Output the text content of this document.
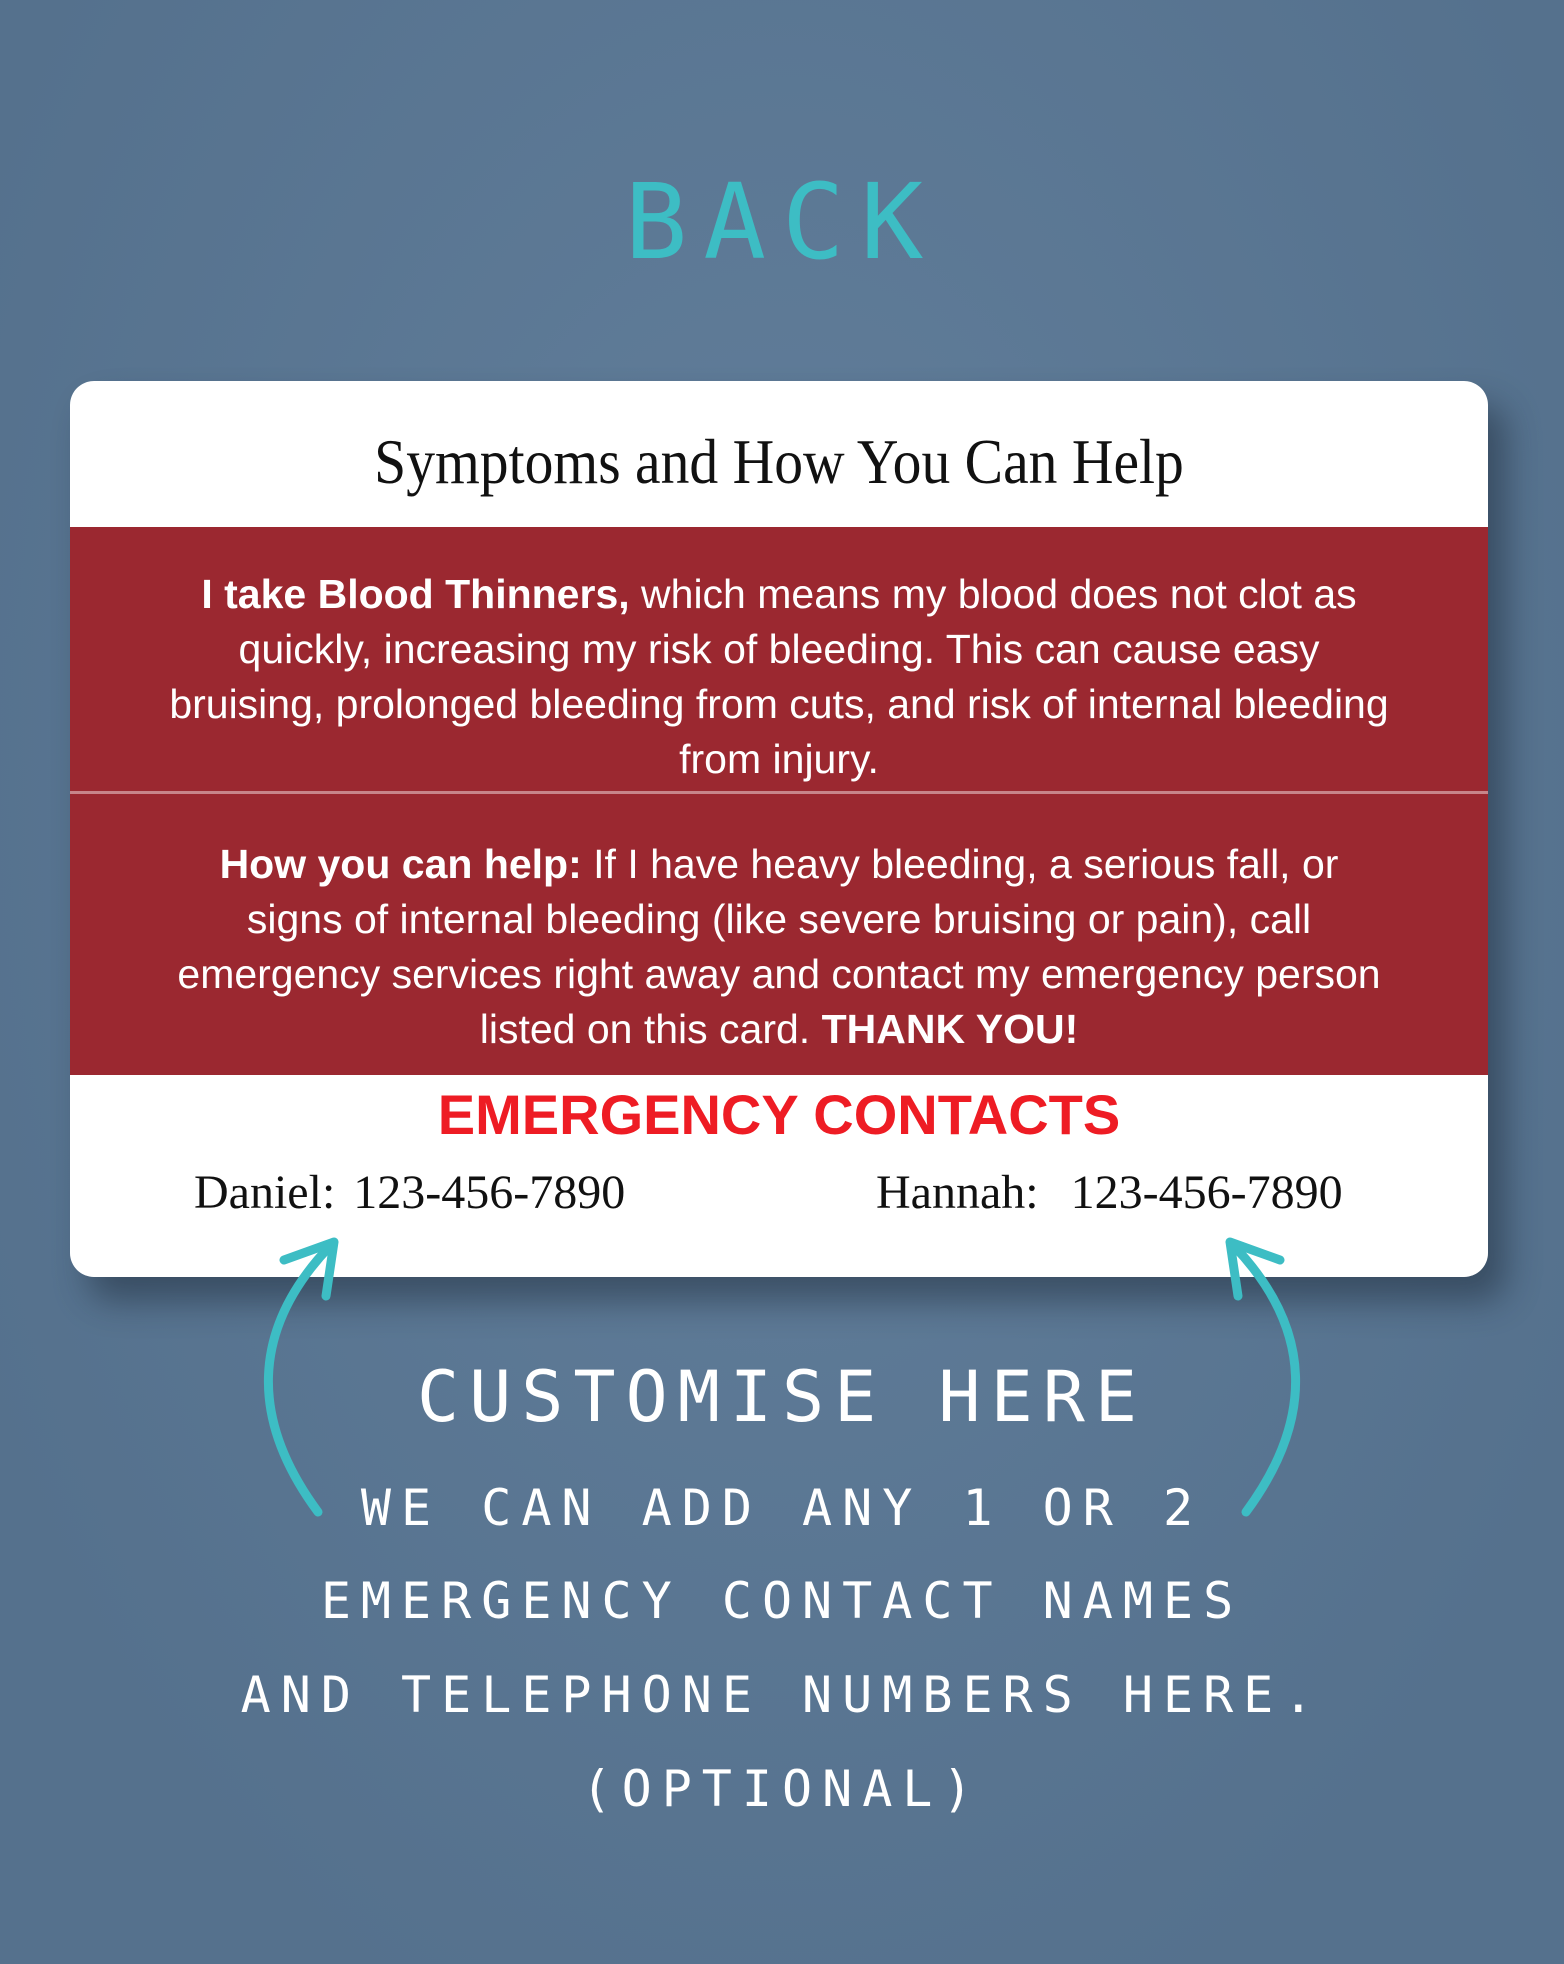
BACK
Symptoms and How You Can Help
I take Blood Thinners, which means my blood does not clot as quickly, increasing my risk of bleeding. This can cause easy bruising, prolonged bleeding from cuts, and risk of internal bleeding from injury.
How you can help: If I have heavy bleeding, a serious fall, or signs of internal bleeding (like severe bruising or pain), call emergency services right away and contact my emergency person listed on this card. THANK YOU!
EMERGENCY CONTACTS
Daniel: 123-456-7890	Hannah: 123-456-7890
CUSTOMISE HERE
WE CAN ADD ANY 1 OR 2
EMERGENCY CONTACT NAMES
AND TELEPHONE NUMBERS HERE.
(OPTIONAL)
